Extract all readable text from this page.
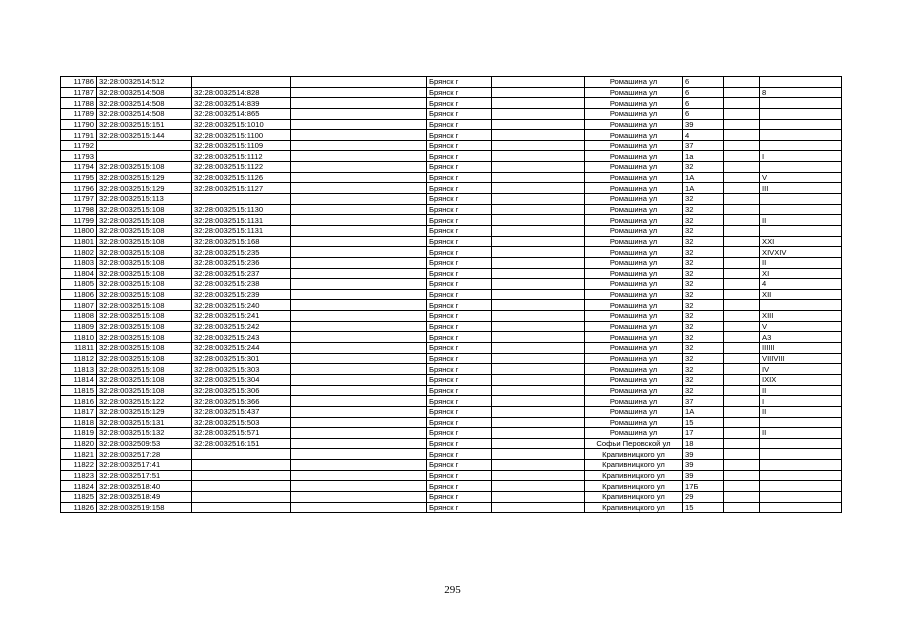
11786	32:28:0032514:512			Брянск г		Ромашина ул	6		
11787	32:28:0032514:508	32:28:0032514:828		Брянск г		Ромашина ул	6		8
11788	32:28:0032514:508	32:28:0032514:839		Брянск г		Ромашина ул	6		
11789	32:28:0032514:508	32:28:0032514:865		Брянск г		Ромашина ул	6		
11790	32:28:0032515:151	32:28:0032515:1010		Брянск г		Ромашина ул	39		
11791	32:28:0032515:144	32:28:0032515:1100		Брянск г		Ромашина ул	4		
11792		32:28:0032515:1109		Брянск г		Ромашина ул	37		
11793		32:28:0032515:1112		Брянск г		Ромашина ул	1а		I
11794	32:28:0032515:108	32:28:0032515:1122		Брянск г		Ромашина ул	32		
11795	32:28:0032515:129	32:28:0032515:1126		Брянск г		Ромашина ул	1А		V
11796	32:28:0032515:129	32:28:0032515:1127		Брянск г		Ромашина ул	1А		III
11797	32:28:0032515:113			Брянск г		Ромашина ул	32		
11798	32:28:0032515:108	32:28:0032515:1130		Брянск г		Ромашина ул	32		
11799	32:28:0032515:108	32:28:0032515:1131		Брянск г		Ромашина ул	32		II
11800	32:28:0032515:108	32:28:0032515:1131		Брянск г		Ромашина ул	32		
11801	32:28:0032515:108	32:28:0032515:168		Брянск г		Ромашина ул	32		XXI
11802	32:28:0032515:108	32:28:0032515:235		Брянск г		Ромашина ул	32		XIVXIV
11803	32:28:0032515:108	32:28:0032515:236		Брянск г		Ромашина ул	32		II
11804	32:28:0032515:108	32:28:0032515:237		Брянск г		Ромашина ул	32		XI
11805	32:28:0032515:108	32:28:0032515:238		Брянск г		Ромашина ул	32		4
11806	32:28:0032515:108	32:28:0032515:239		Брянск г		Ромашина ул	32		XII
11807	32:28:0032515:108	32:28:0032515:240		Брянск г		Ромашина ул	32		
11808	32:28:0032515:108	32:28:0032515:241		Брянск г		Ромашина ул	32		XIII
11809	32:28:0032515:108	32:28:0032515:242		Брянск г		Ромашина ул	32		V
11810	32:28:0032515:108	32:28:0032515:243		Брянск г		Ромашина ул	32		А3
11811	32:28:0032515:108	32:28:0032515:244		Брянск г		Ромашина ул	32		IIIIII
11812	32:28:0032515:108	32:28:0032515:301		Брянск г		Ромашина ул	32		VIIIVIII
11813	32:28:0032515:108	32:28:0032515:303		Брянск г		Ромашина ул	32		IV
11814	32:28:0032515:108	32:28:0032515:304		Брянск г		Ромашина ул	32		IXIX
11815	32:28:0032515:108	32:28:0032515:306		Брянск г		Ромашина ул	32		II
11816	32:28:0032515:122	32:28:0032515:366		Брянск г		Ромашина ул	37		I
11817	32:28:0032515:129	32:28:0032515:437		Брянск г		Ромашина ул	1А		II
11818	32:28:0032515:131	32:28:0032515:503		Брянск г		Ромашина ул	15		
11819	32:28:0032515:132	32:28:0032515:571		Брянск г		Ромашина ул	17		II
11820	32:28:0032509:53	32:28:0032516:151		Брянск г		Софьи Перовской ул	18		
11821	32:28:0032517:28			Брянск г		Крапивницкого ул	39		
11822	32:28:0032517:41			Брянск г		Крапивницкого ул	39		
11823	32:28:0032517:51			Брянск г		Крапивницкого ул	39		
11824	32:28:0032518:40			Брянск г		Крапивницкого ул	17Б		
11825	32:28:0032518:49			Брянск г		Крапивницкого ул	29		
11826	32:28:0032519:158			Брянск г		Крапивницкого ул	15		
295
